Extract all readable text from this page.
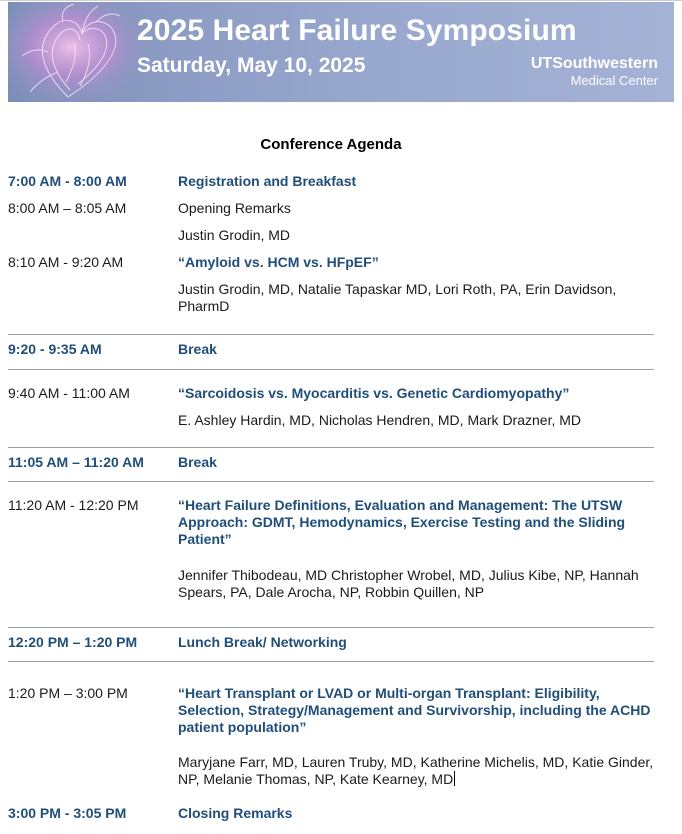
2025 Heart Failure Symposium
Saturday, May 10, 2025	UTSouthwestern
Medical Center
Conference Agenda
7:00 AM - 8:00 AM	Registration and Breakfast
8:00 AM – 8:05 AM	Opening Remarks
Justin Grodin, MD
8:10 AM - 9:20 AM	“Amyloid vs. HCM vs. HFpEF”
Justin Grodin, MD, Natalie Tapaskar MD, Lori Roth, PA, Erin Davidson, PharmD
9:20 - 9:35 AM	Break
9:40 AM - 11:00 AM	“Sarcoidosis vs. Myocarditis vs. Genetic Cardiomyopathy”
E. Ashley Hardin, MD, Nicholas Hendren, MD, Mark Drazner, MD
11:05 AM – 11:20 AM Break
11:20 AM - 12:20 PM	“Heart Failure Definitions, Evaluation and Management: The UTSW Approach: GDMT, Hemodynamics, Exercise Testing and the Sliding Patient”
Jennifer Thibodeau, MD Christopher Wrobel, MD, Julius Kibe, NP, Hannah Spears, PA, Dale Arocha, NP, Robbin Quillen, NP
12:20 PM – 1:20 PM	Lunch Break/ Networking
1:20 PM – 3:00 PM	“Heart Transplant or LVAD or Multi-organ Transplant: Eligibility, Selection, Strategy/Management and Survivorship, including the ACHD patient population”
Maryjane Farr, MD, Lauren Truby, MD, Katherine Michelis, MD, Katie Ginder, NP, Melanie Thomas, NP, Kate Kearney, MD
3:00 PM - 3:05 PM	Closing Remarks
